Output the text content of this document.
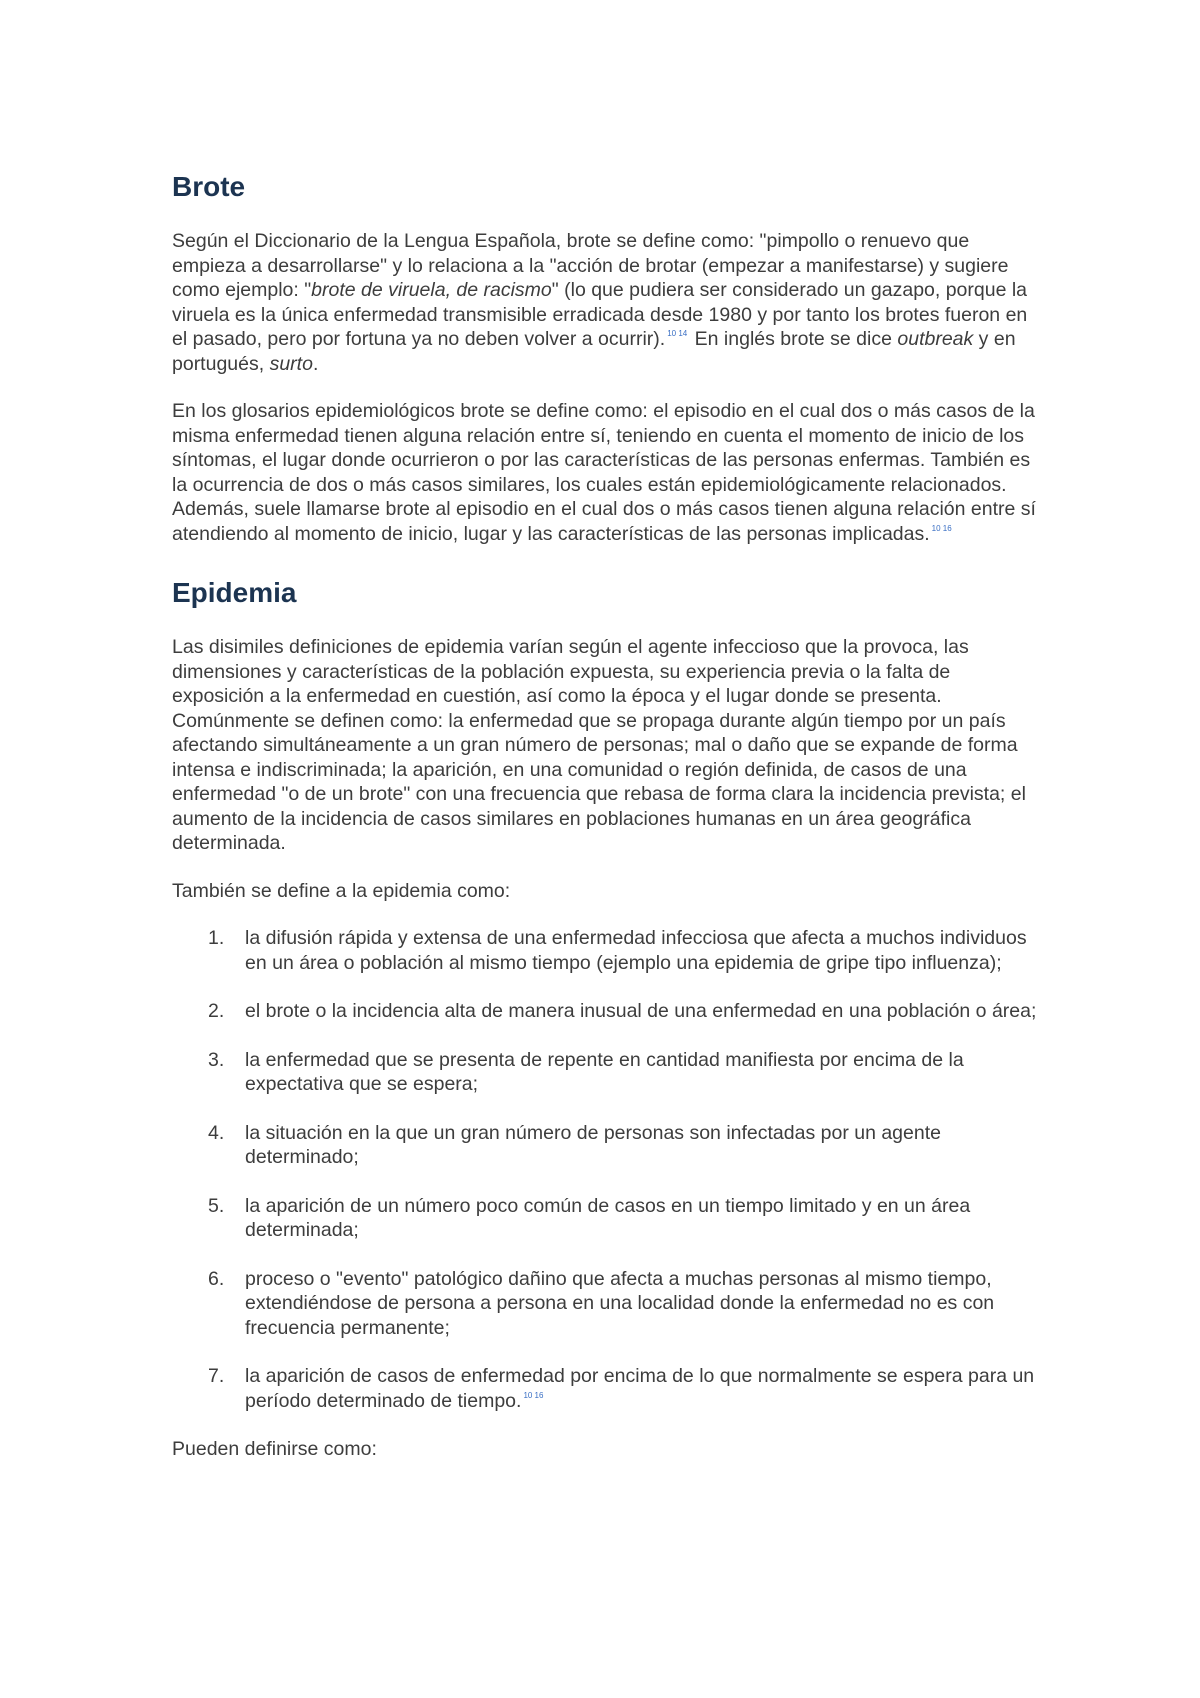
Brote

Según el Diccionario de la Lengua Española, brote se define como: "pimpollo o renuevo que empieza a desarrollarse" y lo relaciona a la "acción de brotar (empezar a manifestarse) y sugiere como ejemplo: "brote de viruela, de racismo" (lo que pudiera ser considerado un gazapo, porque la viruela es la única enfermedad transmisible erradicada desde 1980 y por tanto los brotes fueron en el pasado, pero por fortuna ya no deben volver a ocurrir). $^{10 14}$ En inglés brote se dice outbreak y en portugués, surto.

En los glosarios epidemiológicos brote se define como: el episodio en el cual dos o más casos de la misma enfermedad tienen alguna relación entre sí, teniendo en cuenta el momento de inicio de los síntomas, el lugar donde ocurrieron o por las características de las personas enfermas. También es la ocurrencia de dos o más casos similares, los cuales están epidemiológicamente relacionados. Además, suele llamarse brote al episodio en el cual dos o más casos tienen alguna relación entre sí atendiendo al momento de inicio, lugar y las características de las personas implicadas. $^{10 16}$

Epidemia

Las disimiles definiciones de epidemia varían según el agente infeccioso que la provoca, las dimensiones y características de la población expuesta, su experiencia previa o la falta de exposición a la enfermedad en cuestión, así como la época y el lugar donde se presenta. Comúnmente se definen como: la enfermedad que se propaga durante algún tiempo por un país afectando simultáneamente a un gran número de personas; mal o daño que se expande de forma intensa e indiscriminada; la aparición, en una comunidad o región definida, de casos de una enfermedad "o de un brote" con una frecuencia que rebasa de forma clara la incidencia prevista; el aumento de la incidencia de casos similares en poblaciones humanas en un área geográfica determinada.

También se define a la epidemia como:

1. la difusión rápida y extensa de una enfermedad infecciosa que afecta a muchos individuos en un área o población al mismo tiempo (ejemplo una epidemia de gripe tipo influenza);
2. el brote o la incidencia alta de manera inusual de una enfermedad en una población o área;
3. la enfermedad que se presenta de repente en cantidad manifiesta por encima de la expectativa que se espera;
4. la situación en la que un gran número de personas son infectadas por un agente determinado;
5. la aparición de un número poco común de casos en un tiempo limitado y en un área determinada;
6. proceso o "evento" patológico dañino que afecta a muchas personas al mismo tiempo, extendiéndose de persona a persona en una localidad donde la enfermedad no es con frecuencia permanente;
7. la aparición de casos de enfermedad por encima de lo que normalmente se espera para un período determinado de tiempo. $^{10 16}$

Pueden definirse como:
